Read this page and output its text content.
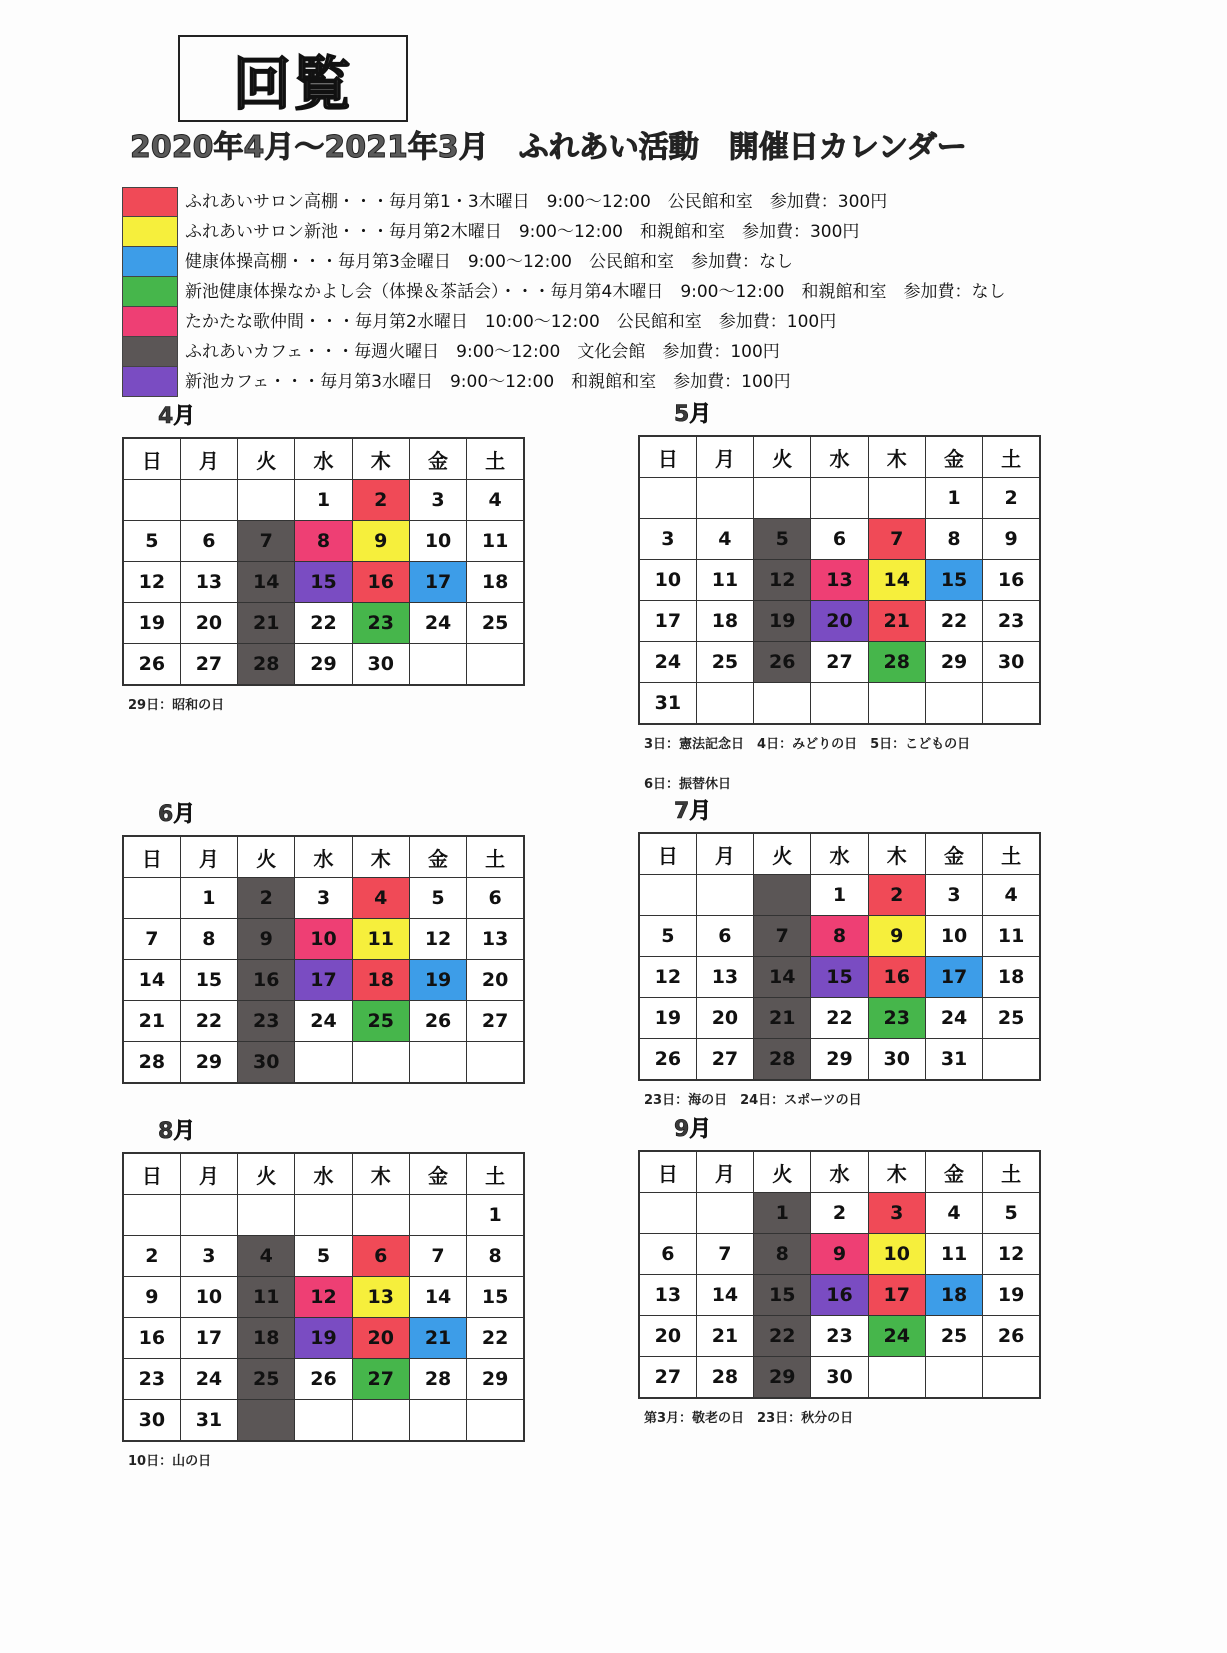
回覧
2020年4月～2021年3月　ふれあい活動　開催日カレンダー
ふれあいサロン高棚・・・毎月第1・3木曜日　9:00～12:00　公民館和室　参加費：300円
ふれあいサロン新池・・・毎月第2木曜日　9:00～12:00　和親館和室　参加費：300円
健康体操高棚・・・毎月第3金曜日　9:00～12:00　公民館和室　参加費：なし
新池健康体操なかよし会（体操＆茶話会）・・・毎月第4木曜日　9:00～12:00　和親館和室　参加費：なし
たかたな歌仲間・・・毎月第2水曜日　10:00～12:00　公民館和室　参加費：100円
ふれあいカフェ・・・毎週火曜日　9:00～12:00　文化会館　参加費：100円
新池カフェ・・・毎月第3水曜日　9:00～12:00　和親館和室　参加費：100円
4月
日	月	火	水	木	金	土
			1	2	3	4
5	6	7	8	9	10	11
12	13	14	15	16	17	18
19	20	21	22	23	24	25
26	27	28	29	30		
29日：昭和の日
5月
日	月	火	水	木	金	土
					1	2
3	4	5	6	7	8	9
10	11	12	13	14	15	16
17	18	19	20	21	22	23
24	25	26	27	28	29	30
31						
3日：憲法記念日　4日：みどりの日　5日：こどもの日
6日：振替休日
6月
日	月	火	水	木	金	土
	1	2	3	4	5	6
7	8	9	10	11	12	13
14	15	16	17	18	19	20
21	22	23	24	25	26	27
28	29	30				
7月
日	月	火	水	木	金	土
			1	2	3	4
5	6	7	8	9	10	11
12	13	14	15	16	17	18
19	20	21	22	23	24	25
26	27	28	29	30	31	
23日：海の日　24日：スポーツの日
8月
日	月	火	水	木	金	土
						1
2	3	4	5	6	7	8
9	10	11	12	13	14	15
16	17	18	19	20	21	22
23	24	25	26	27	28	29
30	31					
10日：山の日
9月
日	月	火	水	木	金	土
		1	2	3	4	5
6	7	8	9	10	11	12
13	14	15	16	17	18	19
20	21	22	23	24	25	26
27	28	29	30			
第3月：敬老の日　23日：秋分の日
